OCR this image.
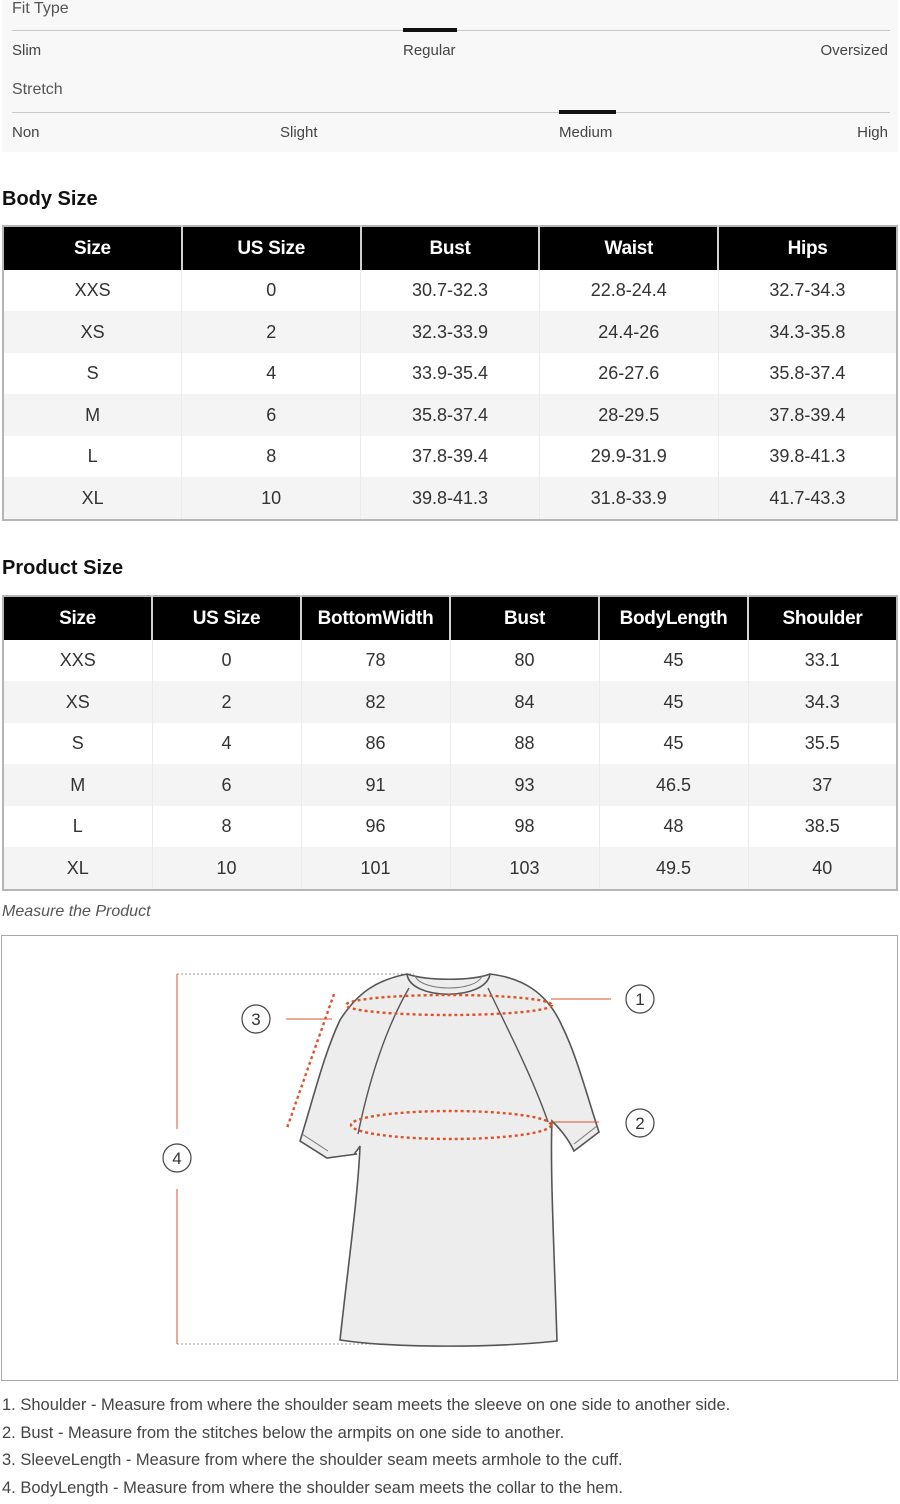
Fit Type
Slim	Regular	Oversized
Stretch
Non	Slight	Medium	High
Body Size
Size	US Size	Bust	Waist	Hips
XXS	0	30.7-32.3	22.8-24.4	32.7-34.3
XS	2	32.3-33.9	24.4-26	34.3-35.8
S	4	33.9-35.4	26-27.6	35.8-37.4
M	6	35.8-37.4	28-29.5	37.8-39.4
L	8	37.8-39.4	29.9-31.9	39.8-41.3
XL	10	39.8-41.3	31.8-33.9	41.7-43.3
Product Size
Size	US Size	BottomWidth	Bust	BodyLength	Shoulder
XXS	0	78	80	45	33.1
XS	2	82	84	45	34.3
S	4	86	88	45	35.5
M	6	91	93	46.5	37
L	8	96	98	48	38.5
XL	10	101	103	49.5	40
Measure the Product
1
2
3
4
1. Shoulder - Measure from where the shoulder seam meets the sleeve on one side to another side.
2. Bust - Measure from the stitches below the armpits on one side to another.
3. SleeveLength - Measure from where the shoulder seam meets armhole to the cuff.
4. BodyLength - Measure from where the shoulder seam meets the collar to the hem.
